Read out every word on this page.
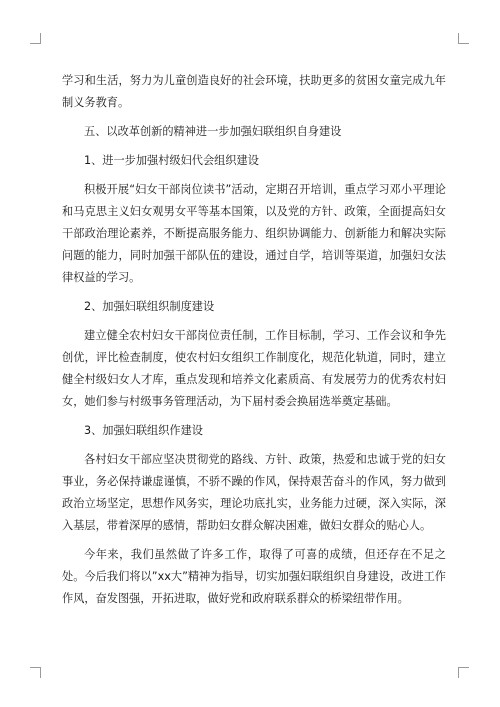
学习和生活，努力为儿童创造良好的社会环境，扶助更多的贫困女童完成九年制义务教育。

五、以改革创新的精神进一步加强妇联组织自身建设

1、进一步加强村级妇代会组织建设

积极开展“妇女干部岗位读书”活动，定期召开培训，重点学习邓小平理论和马克思主义妇女观男女平等基本国策，以及党的方针、政策，全面提高妇女干部政治理论素养，不断提高服务能力、组织协调能力、创新能力和解决实际问题的能力，同时加强干部队伍的建设，通过自学，培训等渠道，加强妇女法律权益的学习。

2、加强妇联组织制度建设

建立健全农村妇女干部岗位责任制，工作目标制，学习、工作会议和争先创优，评比检查制度，使农村妇女组织工作制度化，规范化轨道，同时，建立健全村级妇女人才库，重点发现和培养文化素质高、有发展劳力的优秀农村妇女，她们参与村级事务管理活动，为下届村委会换届选举奠定基础。

3、加强妇联组织作建设

各村妇女干部应坚决贯彻党的路线、方针、政策，热爱和忠诚于党的妇女事业，务必保持谦虚谨慎，不骄不躁的作风，保持艰苦奋斗的作风，努力做到政治立场坚定，思想作风务实，理论功底扎实，业务能力过硬，深入实际，深入基层，带着深厚的感情，帮助妇女群众解决困难，做妇女群众的贴心人。

今年来，我们虽然做了许多工作，取得了可喜的成绩，但还存在不足之处。今后我们将以”xx大”精神为指导，切实加强妇联组织自身建设，改进工作作风，奋发图强，开拓进取，做好党和政府联系群众的桥梁纽带作用。
